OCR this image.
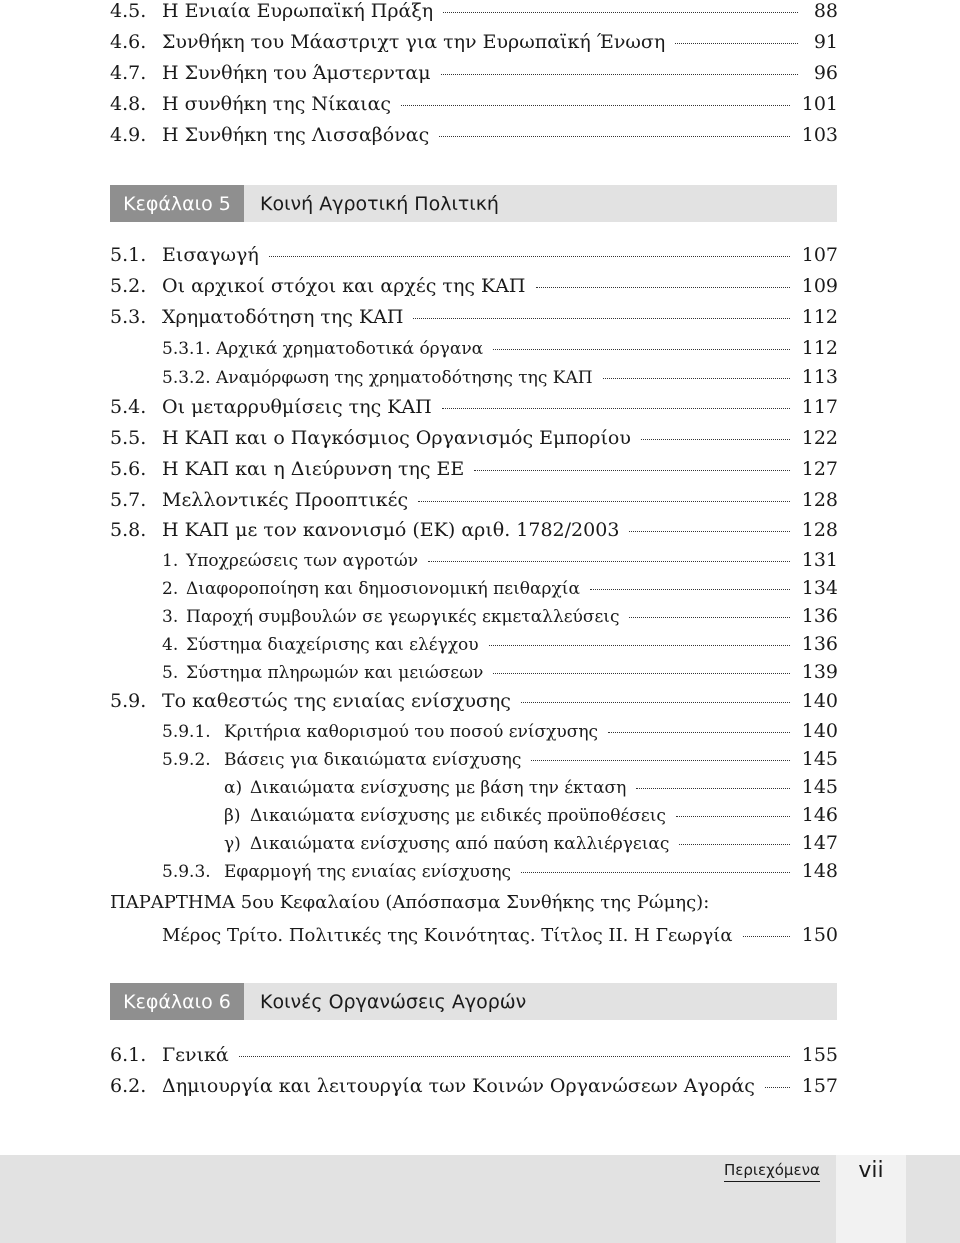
4.5. Η Ενιαία Ευρωπαϊκή Πράξη	88
4.6. Συνθήκη του Μάαστριχτ για την Ευρωπαϊκή Ένωση	91
4.7. Η Συνθήκη του Άμστερνταμ	96
4.8. Η συνθήκη της Νίκαιας	101
4.9. Η Συνθήκη της Λισσαβόνας	103
Κεφάλαιο 5	Κοινή Αγροτική Πολιτική
5.1. Εισαγωγή	107
5.2. Οι αρχικοί στόχοι και αρχές της ΚΑΠ	109
5.3. Χρηματοδότηση της ΚΑΠ	112
5.3.1. Αρχικά χρηματοδοτικά όργανα	112
5.3.2. Αναμόρφωση της χρηματοδότησης της ΚΑΠ	113
5.4. Οι μεταρρυθμίσεις της ΚΑΠ	117
5.5. Η ΚΑΠ και ο Παγκόσμιος Οργανισμός Εμπορίου	122
5.6. Η ΚΑΠ και η Διεύρυνση της ΕΕ	127
5.7. Μελλοντικές Προοπτικές	128
5.8. Η ΚΑΠ με τον κανονισμό (ΕΚ) αριθ. 1782/2003	128
1. Υποχρεώσεις των αγροτών	131
2. Διαφοροποίηση και δημοσιονομική πειθαρχία	134
3. Παροχή συμβουλών σε γεωργικές εκμεταλλεύσεις	136
4. Σύστημα διαχείρισης και ελέγχου	136
5. Σύστημα πληρωμών και μειώσεων	139
5.9. Το καθεστώς της ενιαίας ενίσχυσης	140
5.9.1. Κριτήρια καθορισμού του ποσού ενίσχυσης	140
5.9.2. Βάσεις για δικαιώματα ενίσχυσης	145
α) Δικαιώματα ενίσχυσης με βάση την έκταση	145
β) Δικαιώματα ενίσχυσης με ειδικές προϋποθέσεις	146
γ) Δικαιώματα ενίσχυσης από παύση καλλιέργειας	147
5.9.3. Εφαρμογή της ενιαίας ενίσχυσης	148
ΠΑΡΑΡΤΗΜΑ 5ου Κεφαλαίου (Απόσπασμα Συνθήκης της Ρώμης):
Μέρος Τρίτο. Πολιτικές της Κοινότητας. Τίτλος ΙΙ. Η Γεωργία	150
Κεφάλαιο 6	Κοινές Οργανώσεις Αγορών
6.1. Γενικά	155
6.2. Δημιουργία και λειτουργία των Κοινών Οργανώσεων Αγοράς 157
Περιεχόμενα	vii
